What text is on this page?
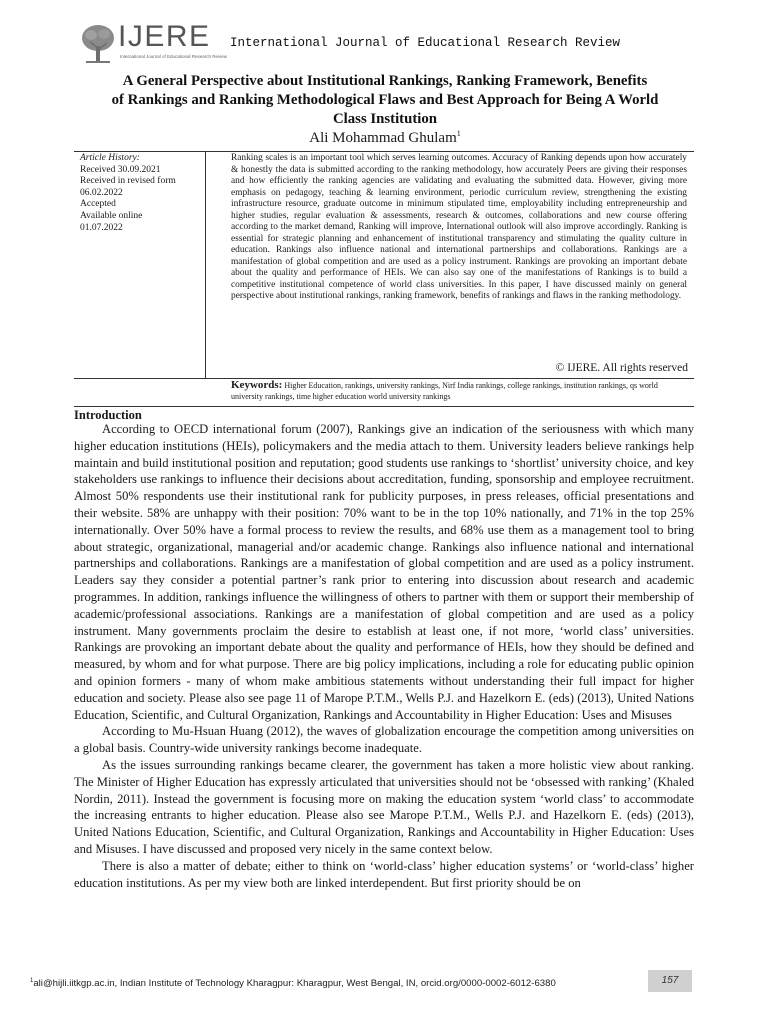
IJERE
International Journal of Educational Research Review
International Journal of Educational Research Review
A General Perspective about Institutional Rankings, Ranking Framework, Benefits
of Rankings and Ranking Methodological Flaws and Best Approach for Being A World
Class Institution
Ali Mohammad Ghulam$^1$
Article History:
Received 30.09.2021
Received in revised form
06.02.2022
Accepted
Available online
01.07.2022
Ranking scales is an important tool which serves learning outcomes. Accuracy of Ranking depends upon how accurately & honestly the data is submitted according to the ranking methodology, how accurately Peers are giving their responses and how efficiently the ranking agencies are validating and evaluating the submitted data. However, giving more emphasis on pedagogy, teaching & learning environment, periodic curriculum review, strengthening the existing infrastructure resource, graduate outcome in minimum stipulated time, employability including entrepreneurship and higher studies, regular evaluation & assessments, research & outcomes, collaborations and new course offering according to the market demand, Ranking will improve, International outlook will also improve accordingly. Ranking is essential for strategic planning and enhancement of institutional transparency and stimulating the quality culture in education. Rankings also influence national and international partnerships and collaborations. Rankings are a manifestation of global competition and are used as a policy instrument. Rankings are provoking an important debate about the quality and performance of HEIs. We can also say one of the manifestations of Rankings is to build a competitive institutional competence of world class universities. In this paper, I have discussed mainly on general perspective about institutional rankings, ranking framework, benefits of rankings and flaws in the ranking methodology.
© IJERE. All rights reserved
Keywords: Higher Education, rankings, university rankings, Nirf India rankings, college rankings, institution rankings, qs world university rankings, time higher education world university rankings
Introduction

According to OECD international forum (2007), Rankings give an indication of the seriousness with which many higher education institutions (HEIs), policymakers and the media attach to them. University leaders believe rankings help maintain and build institutional position and reputation; good students use rankings to ‘shortlist’ university choice, and key stakeholders use rankings to influence their decisions about accreditation, funding, sponsorship and employee recruitment. Almost 50% respondents use their institutional rank for publicity purposes, in press releases, official presentations and their website. 58% are unhappy with their position: 70% want to be in the top 10% nationally, and 71% in the top 25% internationally. Over 50% have a formal process to review the results, and 68% use them as a management tool to bring about strategic, organizational, managerial and/or academic change. Rankings also influence national and international partnerships and collaborations. Rankings are a manifestation of global competition and are used as a policy instrument. Leaders say they consider a potential partner’s rank prior to entering into discussion about research and academic programmes. In addition, rankings influence the willingness of others to partner with them or support their membership of academic/professional associations. Rankings are a manifestation of global competition and are used as a policy instrument. Many governments proclaim the desire to establish at least one, if not more, ‘world class’ universities. Rankings are provoking an important debate about the quality and performance of HEIs, how they should be defined and measured, by whom and for what purpose. There are big policy implications, including a role for educating public opinion and opinion formers - many of whom make ambitious statements without understanding their full impact for higher education and society. Please also see page 11 of Marope P.T.M., Wells P.J. and Hazelkorn E. (eds) (2013), United Nations Education, Scientific, and Cultural Organization, Rankings and Accountability in Higher Education: Uses and Misuses

According to Mu-Hsuan Huang (2012), the waves of globalization encourage the competition among universities on a global basis. Country-wide university rankings become inadequate.

As the issues surrounding rankings became clearer, the government has taken a more holistic view about ranking. The Minister of Higher Education has expressly articulated that universities should not be ‘obsessed with ranking’ (Khaled Nordin, 2011). Instead the government is focusing more on making the education system ‘world class’ to accommodate the increasing entrants to higher education. Please also see Marope P.T.M., Wells P.J. and Hazelkorn E. (eds) (2013), United Nations Education, Scientific, and Cultural Organization, Rankings and Accountability in Higher Education: Uses and Misuses. I have discussed and proposed very nicely in the same context below.

There is also a matter of debate; either to think on ‘world-class’ higher education systems’ or ‘world-class’ higher education institutions. As per my view both are linked interdependent. But first priority should be on

$^1$ali@hijli.iitkgp.ac.in, Indian Institute of Technology Kharagpur: Kharagpur, West Bengal, IN, orcid.org/0000-0002-6012-6380	157
